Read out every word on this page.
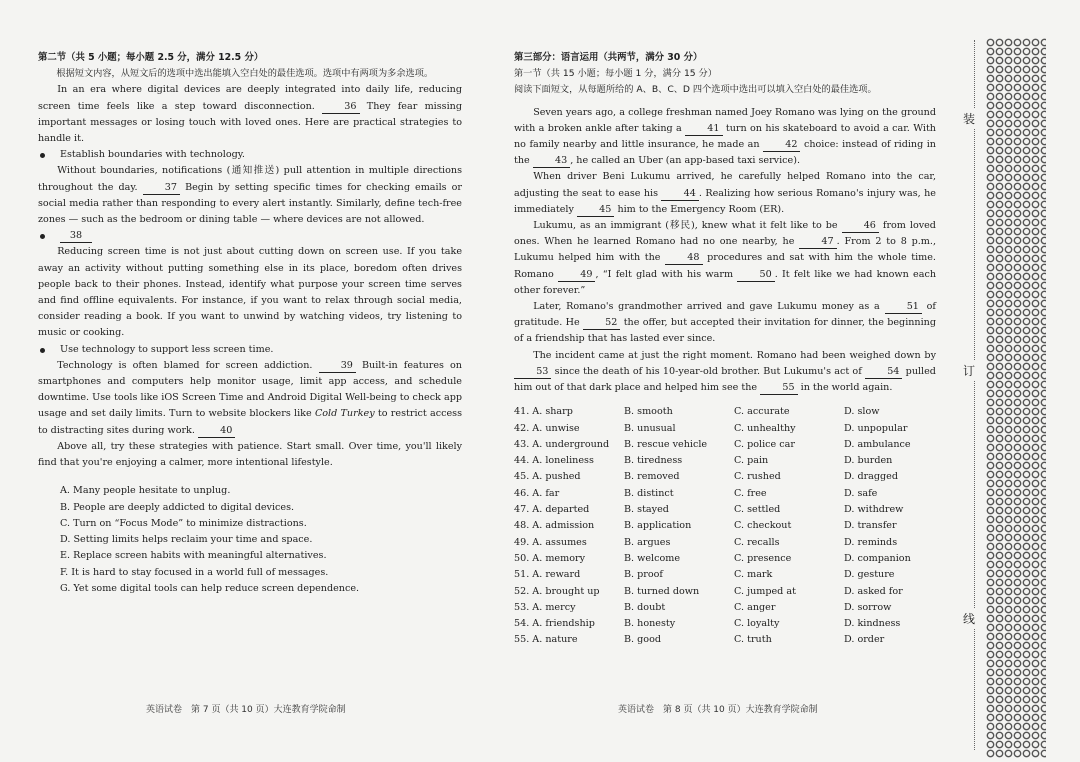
第二节（共 5 小题；每小题 2.5 分，满分 12.5 分）

根据短文内容，从短文后的选项中选出能填入空白处的最佳选项。选项中有两项为多余选项。

In an era where digital devices are deeply integrated into daily life, reducing screen time feels like a step toward disconnection.	36 They fear missing important messages or losing touch with loved ones. Here are practical strategies to handle it.

Establish boundaries with technology.

Without boundaries, notifications (通知推送) pull attention in multiple directions throughout the day.	37 Begin by setting specific times for checking emails or social media rather than responding to every alert instantly. Similarly, define tech-free zones — such as the bedroom or dining table — where devices are not allowed.

38

Reducing screen time is not just about cutting down on screen use. If you take away an activity without putting something else in its place, boredom often drives people back to their phones. Instead, identify what purpose your screen time serves and find offline equivalents. For instance, if you want to relax through social media, consider reading a book. If you want to unwind by watching videos, try listening to music or cooking.

Use technology to support less screen time.

Technology is often blamed for screen addiction.	39 Built-in features on smartphones and computers help monitor usage, limit app access, and schedule downtime. Use tools like iOS Screen Time and Android Digital Well-being to check app usage and set daily limits. Turn to website blockers like Cold Turkey to restrict access to distracting sites during work.	40

Above all, try these strategies with patience. Start small. Over time, you'll likely find that you're enjoying a calmer, more intentional lifestyle.

A. Many people hesitate to unplug.
B. People are deeply addicted to digital devices.
C. Turn on “Focus Mode” to minimize distractions.
D. Setting limits helps reclaim your time and space.
E. Replace screen habits with meaningful alternatives.
F. It is hard to stay focused in a world full of messages.
G. Yet some digital tools can help reduce screen dependence.
英语试卷　第 7 页（共 10 页）大连教育学院命制
第三部分：语言运用（共两节，满分 30 分）
第一节（共 15 小题；每小题 1 分，满分 15 分）
阅读下面短文，从每题所给的 A、B、C、D 四个选项中选出可以填入空白处的最佳选项。

Seven years ago, a college freshman named Joey Romano was lying on the ground with a broken ankle after taking a	41 turn on his skateboard to avoid a car. With no family nearby and little insurance, he made an	42 choice: instead of riding in the	43 , he called an Uber (an app-based taxi service).

When driver Beni Lukumu arrived, he carefully helped Romano into the car, adjusting the seat to ease his	44 . Realizing how serious Romano's injury was, he immediately	45 him to the Emergency Room (ER).

Lukumu, as an immigrant (移民), knew what it felt like to be	46 from loved ones. When he learned Romano had no one nearby, he	47 . From 2 to 8 p.m., Lukumu helped him with the	48 procedures and sat with him the whole time. Romano	49 , “I felt glad with his warm	50 . It felt like we had known each other forever.”

Later, Romano's grandmother arrived and gave Lukumu money as a	51 of gratitude. He	52 the offer, but accepted their invitation for dinner, the beginning of a friendship that has lasted ever since.

The incident came at just the right moment. Romano had been weighed down by 53 since the death of his 10-year-old brother. But Lukumu's act of	54 pulled him out of that dark place and helped him see the	55 in the world again.

41. A. sharp	B. smooth	C. accurate	D. slow
42. A. unwise	B. unusual	C. unhealthy	D. unpopular
43. A. underground	B. rescue vehicle	C. police car	D. ambulance
44. A. loneliness	B. tiredness	C. pain	D. burden
45. A. pushed	B. removed	C. rushed	D. dragged
46. A. far	B. distinct	C. free	D. safe
47. A. departed	B. stayed	C. settled	D. withdrew
48. A. admission	B. application	C. checkout	D. transfer
49. A. assumes	B. argues	C. recalls	D. reminds
50. A. memory	B. welcome	C. presence	D. companion
51. A. reward	B. proof	C. mark	D. gesture
52. A. brought up	B. turned down	C. jumped at	D. asked for
53. A. mercy	B. doubt	C. anger	D. sorrow
54. A. friendship	B. honesty	C. loyalty	D. kindness
55. A. nature	B. good	C. truth	D. order
英语试卷　第 8 页（共 10 页）大连教育学院命制
装
订
线
